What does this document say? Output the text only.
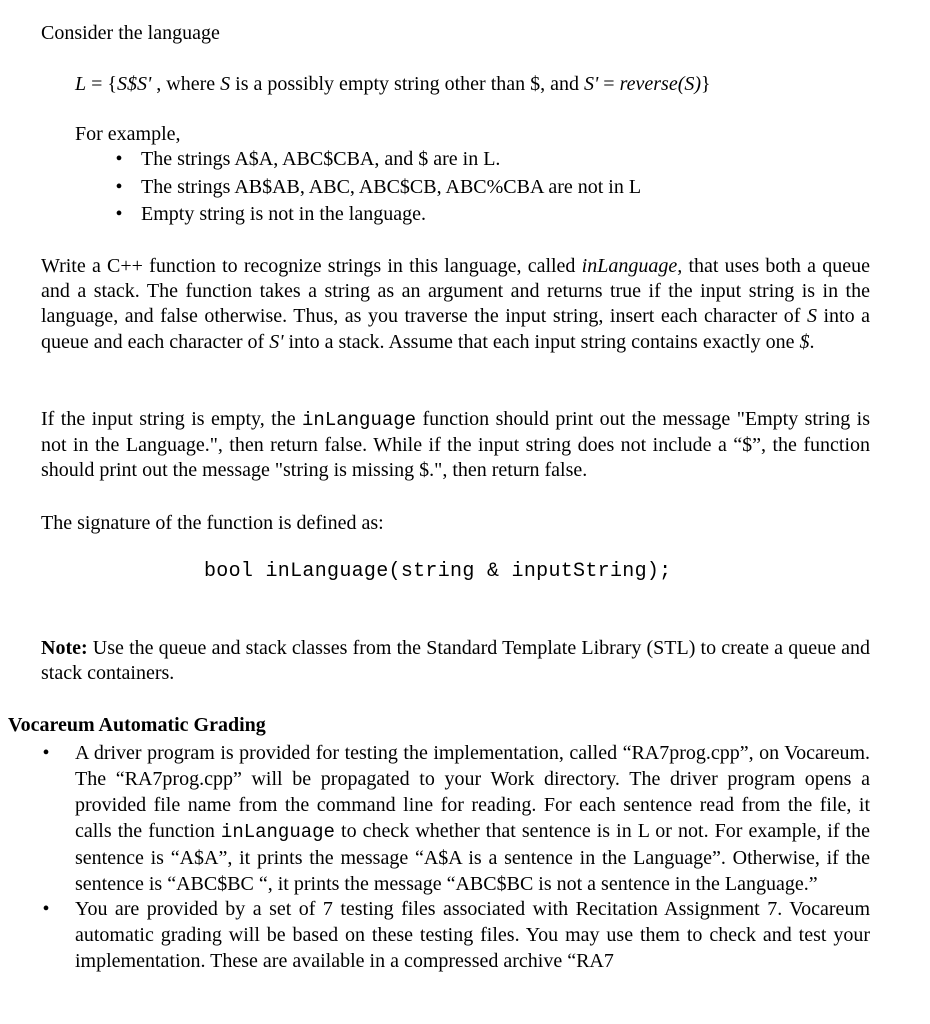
Consider the language
L = {S$S' , where S is a possibly empty string other than $, and S' = reverse(S)}
For example,
• The strings A$A, ABC$CBA, and $ are in L.
• The strings AB$AB, ABC, ABC$CB, ABC%CBA are not in L
• Empty string is not in the language.
Write a C++ function to recognize strings in this language, called inLanguage, that uses both a queue and a stack. The function takes a string as an argument and returns true if the input string is in the language, and false otherwise. Thus, as you traverse the input string, insert each character of S into a queue and each character of S' into a stack. Assume that each input string contains exactly one $.
If the input string is empty, the inLanguage function should print out the message "Empty string is not in the Language.", then return false. While if the input string does not include a “$”, the function should print out the message "string is missing $.", then return false.
The signature of the function is defined as:
bool inLanguage(string & inputString);
Note: Use the queue and stack classes from the Standard Template Library (STL) to create a queue and stack containers.
Vocareum Automatic Grading
•	A driver program is provided for testing the implementation, called “RA7prog.cpp”, on Vocareum. The “RA7prog.cpp” will be propagated to your Work directory. The driver program opens a provided file name from the command line for reading. For each sentence read from the file, it calls the function inLanguage to check whether that sentence is in L or not. For example, if the sentence is “A$A”, it prints the message “A$A is a sentence in the Language”. Otherwise, if the sentence is “ABC$BC “, it prints the message “ABC$BC is not a sentence in the Language.”
•	You are provided by a set of 7 testing files associated with Recitation Assignment 7. Vocareum automatic grading will be based on these testing files. You may use them to check and test your implementation. These are available in a compressed archive “RA7
